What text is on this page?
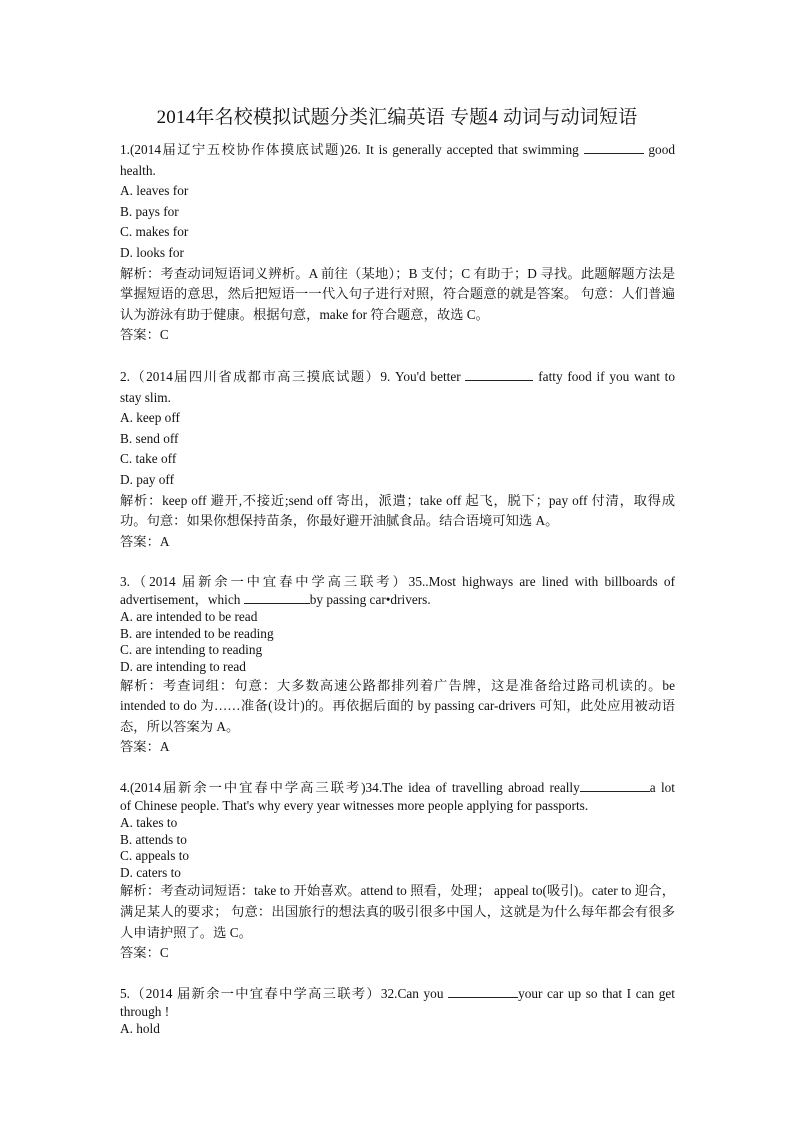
2014年名校模拟试题分类汇编英语 专题4 动词与动词短语

1.(2014届辽宁五校协作体摸底试题)26. It is generally accepted that swimming	good

health.

A. leaves for

B. pays for

C. makes for

D. looks for

解析：考查动词短语词义辨析。A 前往（某地）；B 支付；C 有助于；D 寻找。此题解题方法是掌握短语的意思，然后把短语一一代入句子进行对照，符合题意的就是答案。 句意：人们普遍认为游泳有助于健康。根据句意，make for 符合题意，故选 C。

答案：C

2.（2014届四川省成都市高三摸底试题）9. You'd better	fatty food if you want to

stay slim.

A. keep off

B. send off

C. take off

D. pay off

解析：keep off 避开,不接近;send off 寄出，派遣；take off 起飞，脱下；pay off 付清，取得成功。句意：如果你想保持苗条，你最好避开油腻食品。结合语境可知选 A。

答案：A

3.（2014 届新余一中宜春中学高三联考）35..Most highways are lined with billboards of

advertisement，which	by passing car•drivers.

A. are intended to be read

B. are intended to be reading

C. are intending to reading

D. are intending to read

解析：考查词组：句意：大多数高速公路都排列着广告牌，这是准备给过路司机读的。be intended to do 为……准备(设计)的。再依据后面的 by passing car-drivers 可知，此处应用被动语态，所以答案为 A。

答案：A

4.(2014届新余一中宜春中学高三联考)34.The idea of travelling abroad really	a lot

of Chinese people. That's why every year witnesses more people applying for passports.

A. takes to

B. attends to

C. appeals to

D. caters to

解析：考查动词短语：take to 开始喜欢。attend to 照看，处理； appeal to(吸引)。cater to 迎合，满足某人的要求； 句意：出国旅行的想法真的吸引很多中国人，这就是为什么每年都会有很多人申请护照了。选 C。

答案：C

5.（2014 届新余一中宜春中学高三联考）32.Can you	your car up so that I can get

through !

A. hold
